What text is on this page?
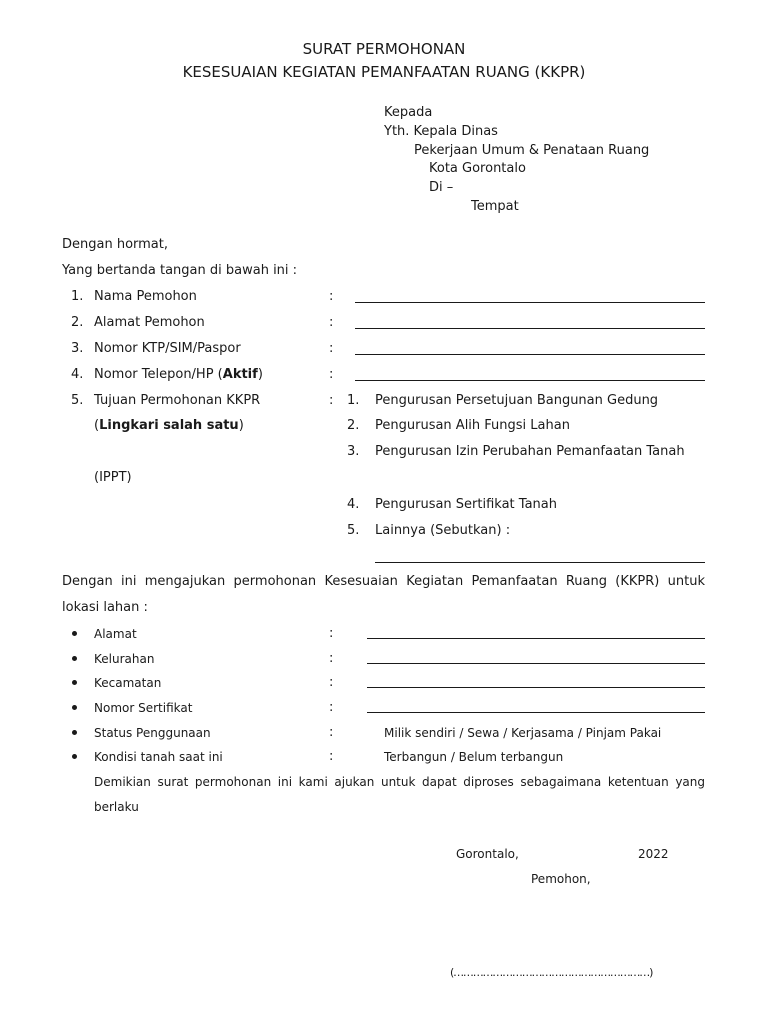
SURAT PERMOHONAN
KESESUAIAN KEGIATAN PEMANFAATAN RUANG (KKPR)
Kepada
Yth. Kepala Dinas
Pekerjaan Umum & Penataan Ruang
Kota Gorontalo
Di –
Tempat
Dengan hormat,
Yang bertanda tangan di bawah ini :
1. Nama Pemohon	:
2. Alamat Pemohon	:
3. Nomor KTP/SIM/Paspor	:
4. Nomor Telepon/HP (Aktif)	:
5. Tujuan Permohonan KKPR	:
(Lingkari salah satu)
1. Pengurusan Persetujuan Bangunan Gedung
2. Pengurusan Alih Fungsi Lahan
3. Pengurusan Izin Perubahan Pemanfaatan Tanah
(IPPT)
4. Pengurusan Sertifikat Tanah
5. Lainnya (Sebutkan) :
Dengan ini mengajukan permohonan Kesesuaian Kegiatan Pemanfaatan Ruang (KKPR) untuk
lokasi lahan :
Alamat	:
Kelurahan	:
Kecamatan	:
Nomor Sertifikat	:
Status Penggunaan	:	Milik sendiri / Sewa / Kerjasama / Pinjam Pakai
Kondisi tanah saat ini	:	Terbangun / Belum terbangun
Demikian surat permohonan ini kami ajukan untuk dapat diproses sebagaimana ketentuan yang
berlaku
Gorontalo,	2022
Pemohon,
(……………………………………………………)
